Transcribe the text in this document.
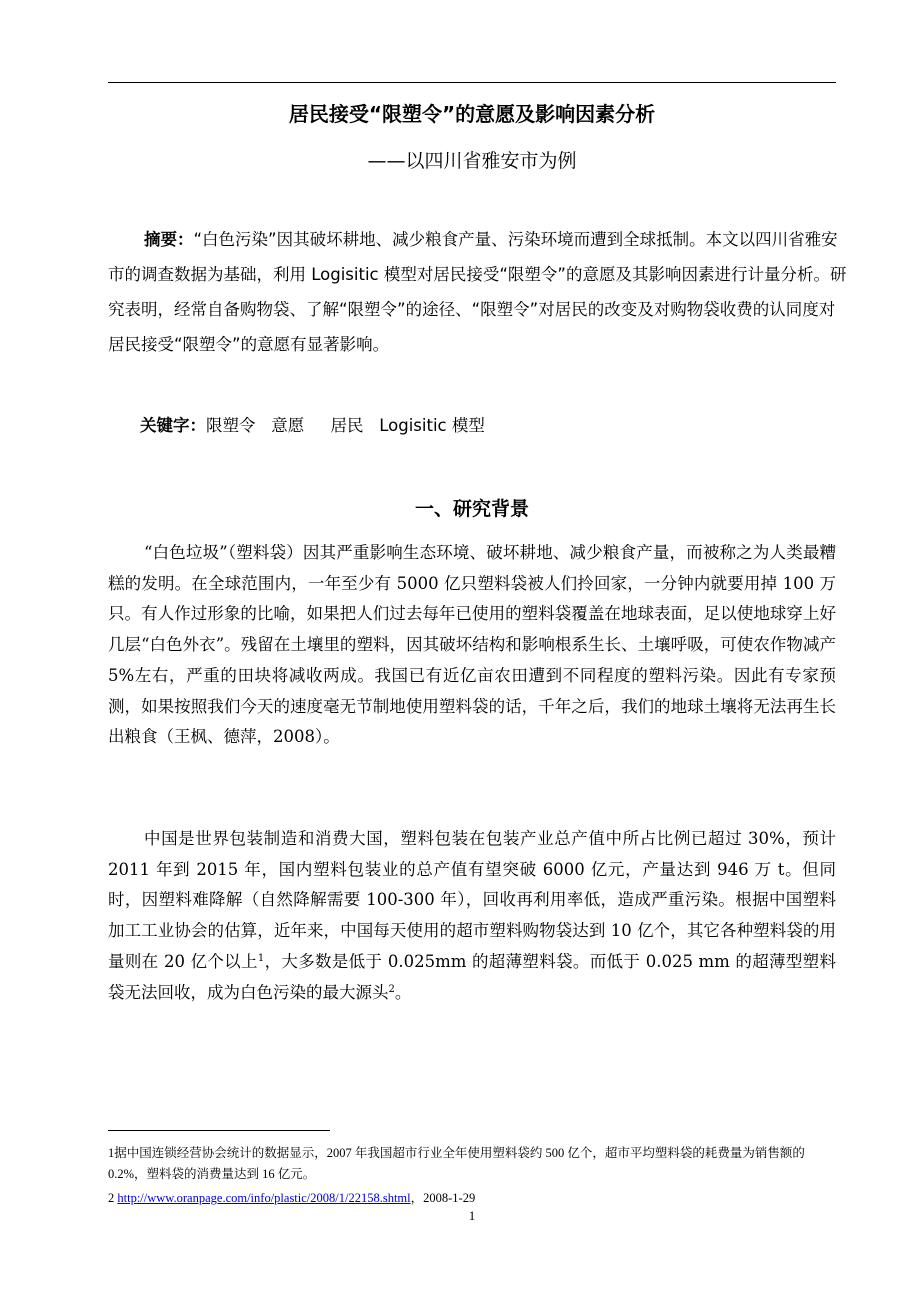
居民接受“限塑令”的意愿及影响因素分析
——以四川省雅安市为例

摘要：“白色污染”因其破坏耕地、减少粮食产量、污染环境而遭到全球抵制。本文以四川省雅安市的调查数据为基础，利用 Logisitic 模型对居民接受“限塑令”的意愿及其影响因素进行计量分析。研究表明，经常自备购物袋、了解“限塑令”的途径、“限塑令”对居民的改变及对购物袋收费的认同度对居民接受“限塑令”的意愿有显著影响。

关键字：限塑令 意愿 居民 Logisitic 模型
一、研究背景

“白色垃圾”（塑料袋）因其严重影响生态环境、破坏耕地、减少粮食产量，而被称之为人类最糟糕的发明。在全球范围内，一年至少有 5000 亿只塑料袋被人们拎回家，一分钟内就要用掉 100 万只。有人作过形象的比喻，如果把人们过去每年已使用的塑料袋覆盖在地球表面，足以使地球穿上好几层“白色外衣”。残留在土壤里的塑料，因其破坏结构和影响根系生长、土壤呼吸，可使农作物减产 5%左右，严重的田块将减收两成。我国已有近亿亩农田遭到不同程度的塑料污染。因此有专家预测，如果按照我们今天的速度毫无节制地使用塑料袋的话，千年之后，我们的地球土壤将无法再生长出粮食（王枫、德萍，2008）。

中国是世界包装制造和消费大国，塑料包装在包装产业总产值中所占比例已超过 30%，预计 2011 年到 2015 年，国内塑料包装业的总产值有望突破 6000 亿元，产量达到 946 万 t。但同时，因塑料难降解（自然降解需要 100-300 年），回收再利用率低，造成严重污染。根据中国塑料加工工业协会的估算，近年来，中国每天使用的超市塑料购物袋达到 10 亿个，其它各种塑料袋的用量则在 20 亿个以上$^1$，大多数是低于 0.025mm 的超薄塑料袋。而低于 0.025 mm 的超薄型塑料袋无法回收，成为白色污染的最大源头$^2$。

1据中国连锁经营协会统计的数据显示，2007 年我国超市行业全年使用塑料袋约 500 亿个，超市平均塑料袋的耗费量为销售额的 0.2%，塑料袋的消费量达到 16 亿元。

2 http://www.oranpage.com/info/plastic/2008/1/22158.shtml，2008-1-29

1
